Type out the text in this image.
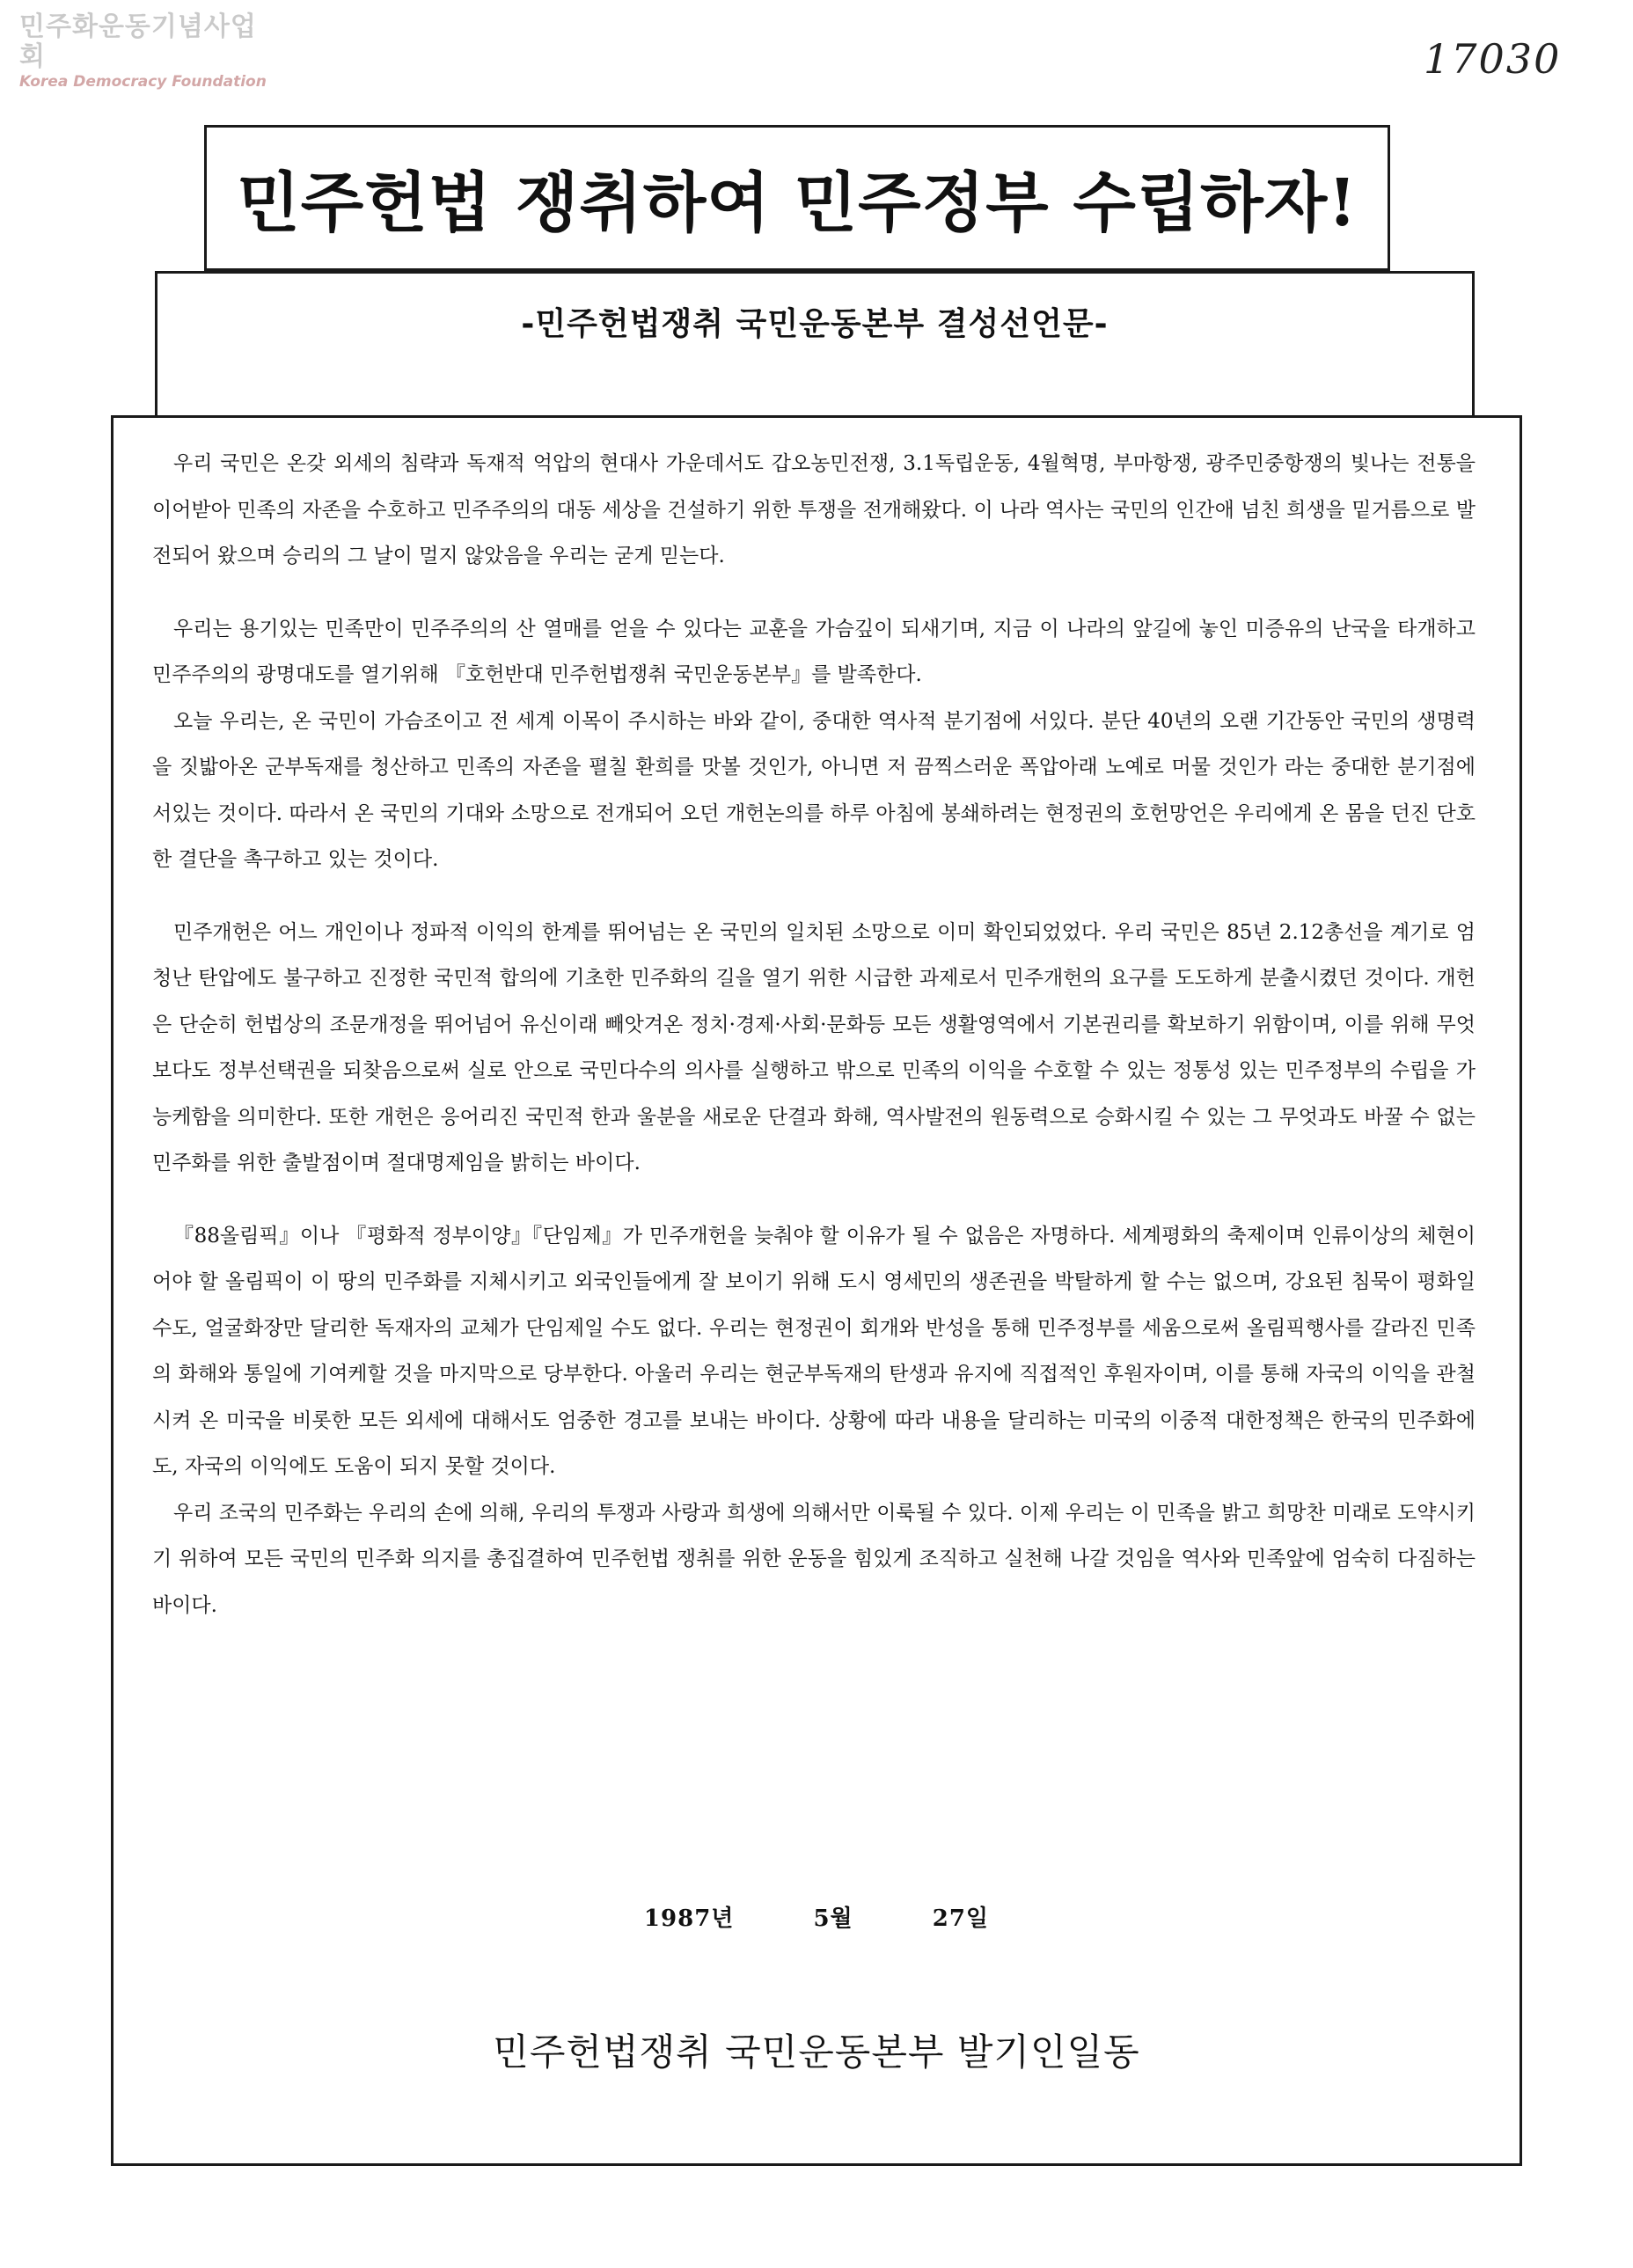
민주화운동기념사업회
Korea Democracy Foundation	17030
민주헌법 쟁취하여 민주정부 수립하자!
-민주헌법쟁취 국민운동본부 결성선언문-

우리 국민은 온갖 외세의 침략과 독재적 억압의 현대사 가운데서도 갑오농민전쟁, 3.1독립운동, 4월혁명, 부마항쟁, 광주민중항쟁의 빛나는 전통을 이어받아 민족의 자존을 수호하고 민주주의의 대동 세상을 건설하기 위한 투쟁을 전개해왔다. 이 나라 역사는 국민의 인간애 넘친 희생을 밑거름으로 발전되어 왔으며 승리의 그 날이 멀지 않았음을 우리는 굳게 믿는다.

우리는 용기있는 민족만이 민주주의의 산 열매를 얻을 수 있다는 교훈을 가슴깊이 되새기며, 지금 이 나라의 앞길에 놓인 미증유의 난국을 타개하고 민주주의의 광명대도를 열기위해 『호헌반대 민주헌법쟁취 국민운동본부』를 발족한다.

오늘 우리는, 온 국민이 가슴조이고 전 세계 이목이 주시하는 바와 같이, 중대한 역사적 분기점에 서있다. 분단 40년의 오랜 기간동안 국민의 생명력을 짓밟아온 군부독재를 청산하고 민족의 자존을 펼칠 환희를 맛볼 것인가, 아니면 저 끔찍스러운 폭압아래 노예로 머물 것인가 라는 중대한 분기점에 서있는 것이다. 따라서 온 국민의 기대와 소망으로 전개되어 오던 개헌논의를 하루 아침에 봉쇄하려는 현정권의 호헌망언은 우리에게 온 몸을 던진 단호한 결단을 촉구하고 있는 것이다.

민주개헌은 어느 개인이나 정파적 이익의 한계를 뛰어넘는 온 국민의 일치된 소망으로 이미 확인되었었다. 우리 국민은 85년 2.12총선을 계기로 엄청난 탄압에도 불구하고 진정한 국민적 합의에 기초한 민주화의 길을 열기 위한 시급한 과제로서 민주개헌의 요구를 도도하게 분출시켰던 것이다. 개헌은 단순히 헌법상의 조문개정을 뛰어넘어 유신이래 빼앗겨온 정치·경제·사회·문화등 모든 생활영역에서 기본권리를 확보하기 위함이며, 이를 위해 무엇보다도 정부선택권을 되찾음으로써 실로 안으로 국민다수의 의사를 실행하고 밖으로 민족의 이익을 수호할 수 있는 정통성 있는 민주정부의 수립을 가능케함을 의미한다. 또한 개헌은 응어리진 국민적 한과 울분을 새로운 단결과 화해, 역사발전의 원동력으로 승화시킬 수 있는 그 무엇과도 바꿀 수 없는 민주화를 위한 출발점이며 절대명제임을 밝히는 바이다.

『88올림픽』이나 『평화적 정부이양』『단임제』가 민주개헌을 늦춰야 할 이유가 될 수 없음은 자명하다. 세계평화의 축제이며 인류이상의 체현이어야 할 올림픽이 이 땅의 민주화를 지체시키고 외국인들에게 잘 보이기 위해 도시 영세민의 생존권을 박탈하게 할 수는 없으며, 강요된 침묵이 평화일 수도, 얼굴화장만 달리한 독재자의 교체가 단임제일 수도 없다. 우리는 현정권이 회개와 반성을 통해 민주정부를 세움으로써 올림픽행사를 갈라진 민족의 화해와 통일에 기여케할 것을 마지막으로 당부한다. 아울러 우리는 현군부독재의 탄생과 유지에 직접적인 후원자이며, 이를 통해 자국의 이익을 관철시켜 온 미국을 비롯한 모든 외세에 대해서도 엄중한 경고를 보내는 바이다. 상황에 따라 내용을 달리하는 미국의 이중적 대한정책은 한국의 민주화에도, 자국의 이익에도 도움이 되지 못할 것이다.

우리 조국의 민주화는 우리의 손에 의해, 우리의 투쟁과 사랑과 희생에 의해서만 이룩될 수 있다. 이제 우리는 이 민족을 밝고 희망찬 미래로 도약시키기 위하여 모든 국민의 민주화 의지를 총집결하여 민주헌법 쟁취를 위한 운동을 힘있게 조직하고 실천해 나갈 것임을 역사와 민족앞에 엄숙히 다짐하는 바이다.

1987년	5월	27일
민주헌법쟁취 국민운동본부 발기인일동
